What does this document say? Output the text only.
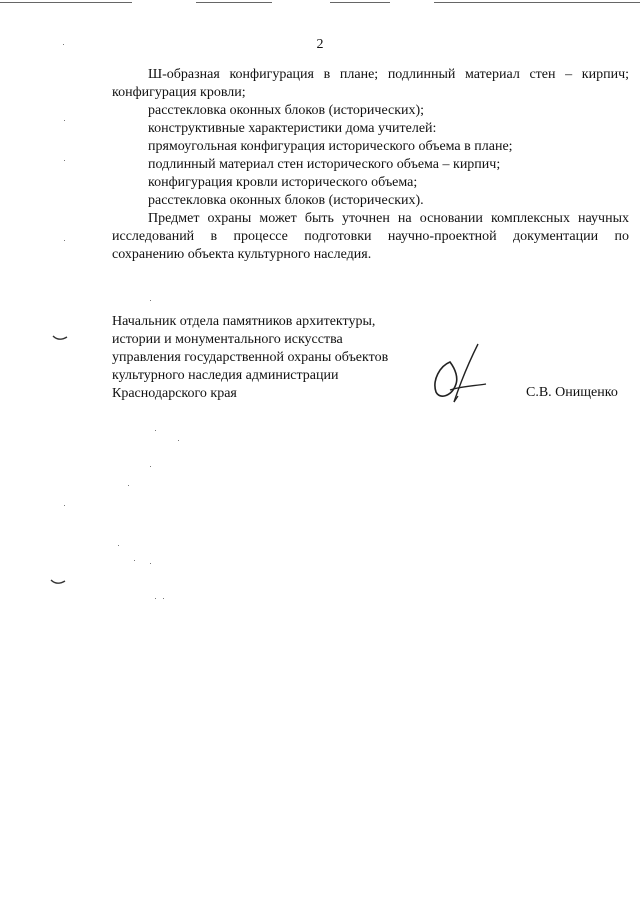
2
Ш-образная конфигурация в плане; подлинный материал стен – кирпич;
конфигурация кровли;
расстекловка оконных блоков (исторических);
конструктивные характеристики дома учителей:
прямоугольная конфигурация исторического объема в плане;
подлинный материал стен исторического объема – кирпич;
конфигурация кровли исторического объема;
расстекловка оконных блоков (исторических).
Предмет охраны может быть уточнен на основании комплексных научных
исследований в процессе подготовки научно-проектной документации по
сохранению объекта культурного наследия.
Начальник отдела памятников архитектуры,
истории и монументального искусства
управления государственной охраны объектов
культурного наследия администрации
Краснодарского края	С.В. Онищенко
